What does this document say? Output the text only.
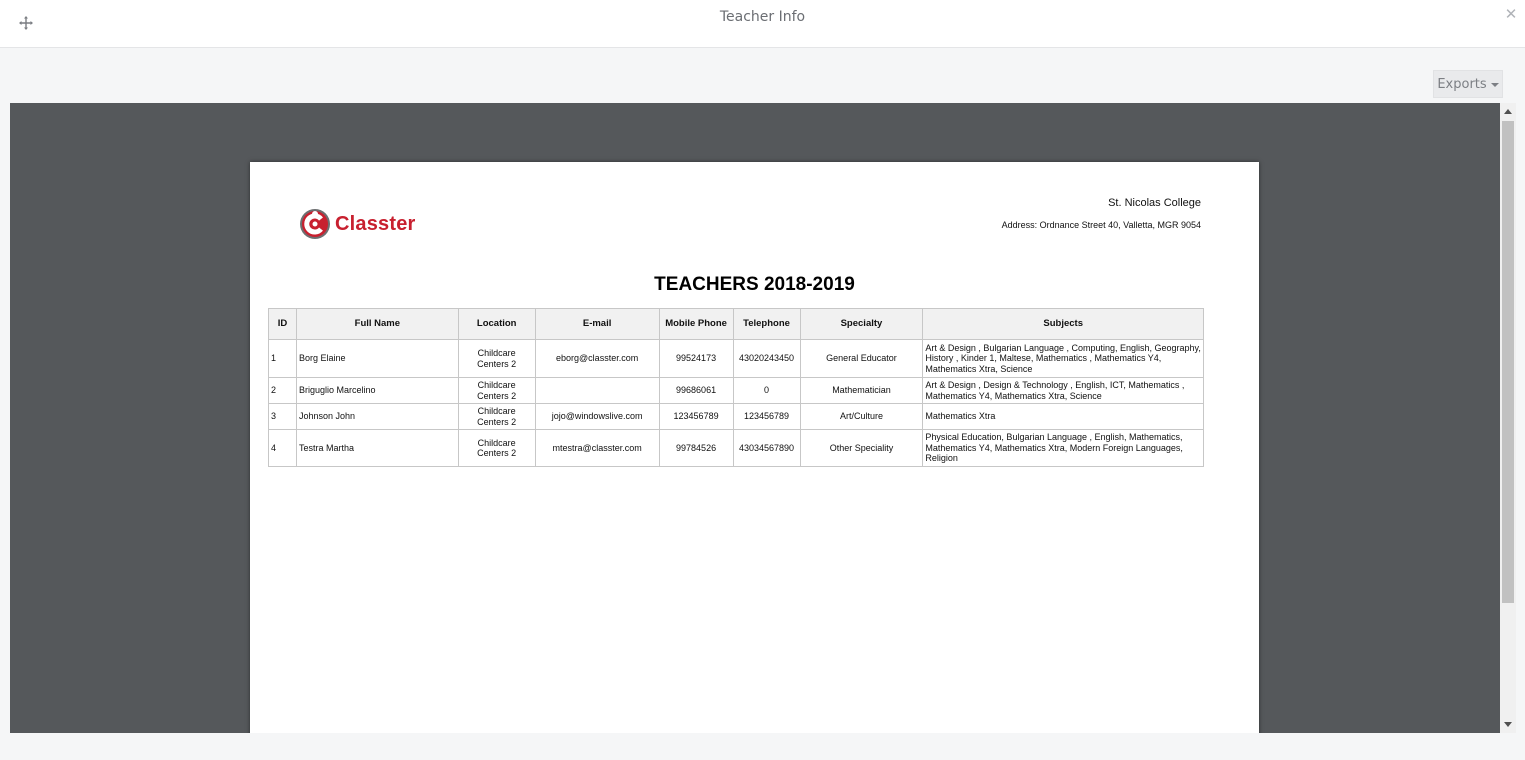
Teacher Info	✕
Exports
Classter
St. Nicolas College
Address: Ordnance Street 40, Valletta, MGR 9054
TEACHERS 2018-2019
ID	Full Name	Location	E-mail	Mobile Phone	Telephone	Specialty	Subjects
1	Borg Elaine	Childcare Centers 2	eborg@classter.com	99524173	43020243450	General Educator	Art & Design , Bulgarian Language , Computing, English, Geography, History , Kinder 1, Maltese, Mathematics , Mathematics Y4, Mathematics Xtra, Science
2	Briguglio Marcelino	Childcare Centers 2		99686061	0	Mathematician	Art & Design , Design & Technology , English, ICT, Mathematics , Mathematics Y4, Mathematics Xtra, Science
3	Johnson John	Childcare Centers 2	jojo@windowslive.com	123456789	123456789	Art/Culture	Mathematics Xtra
4	Testra Martha	Childcare Centers 2	mtestra@classter.com	99784526	43034567890	Other Speciality	Physical Education, Bulgarian Language , English, Mathematics, Mathematics Y4, Mathematics Xtra, Modern Foreign Languages, Religion
